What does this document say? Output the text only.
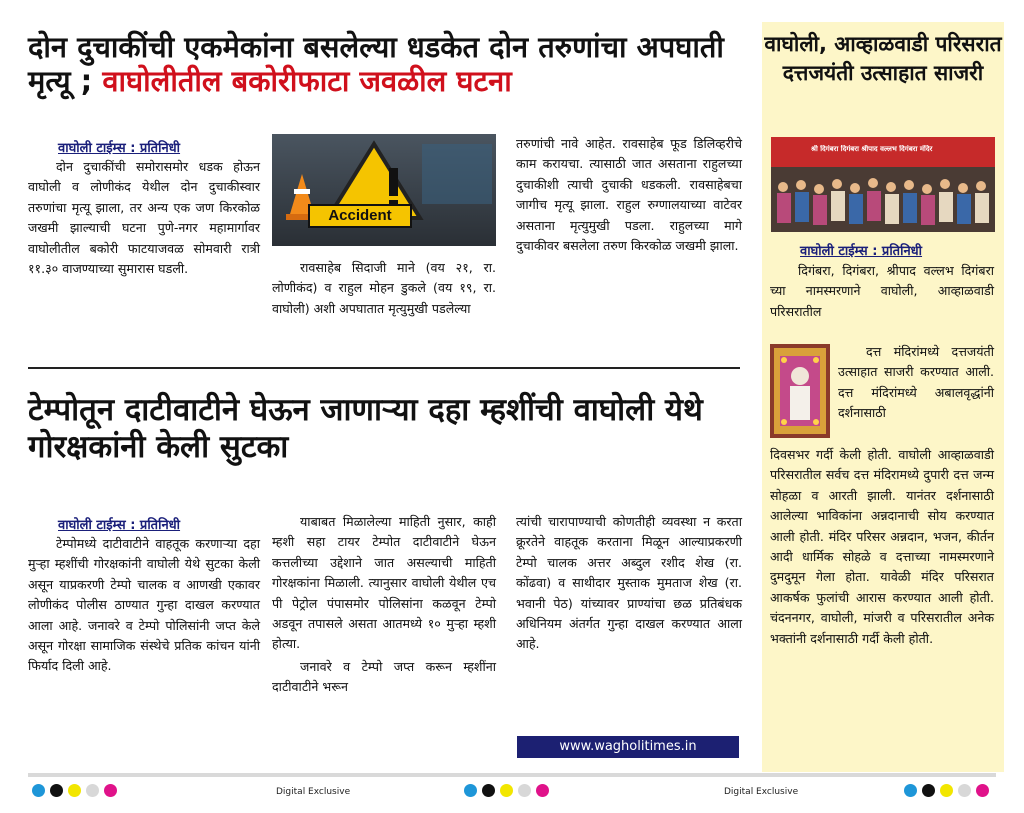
दोन दुचाकींची एकमेकांना बसलेल्या धडकेत दोन तरुणांचा अपघाती मृत्यू ; वाघोलीतील बकोरीफाटा जवळील घटना
वाघोली टाईम्स : प्रतिनिधी

दोन दुचाकींची समोरासमोर धडक होऊन वाघोली व लोणीकंद येथील दोन दुचाकीस्वार तरुणांचा मृत्यू झाला, तर अन्य एक जण किरकोळ जखमी झाल्याची घटना पुणे-नगर महामार्गावर वाघोलीतील बकोरी फाटयाजवळ सोमवारी रात्री ११.३० वाजण्याच्या सुमारास घडली.

Accident

रावसाहेब सिदाजी माने (वय २१, रा. लोणीकंद) व राहुल मोहन डुकले (वय १९, रा. वाघोली) अशी अपघातात मृत्युमुखी पडलेल्या

तरुणांची नावे आहेत. रावसाहेब फूड डिलिव्हरीचे काम करायचा. त्यासाठी जात असताना राहुलच्या दुचाकीशी त्याची दुचाकी धडकली. रावसाहेबचा जागीच मृत्यू झाला. राहुल रुग्णालयाच्या वाटेवर असताना मृत्युमुखी पडला. राहुलच्या मागे दुचाकीवर बसलेला तरुण किरकोळ जखमी झाला.

टेम्पोतून दाटीवाटीने घेऊन जाणाऱ्या दहा म्हशींची वाघोली येथे गोरक्षकांनी केली सुटका
वाघोली टाईम्स : प्रतिनिधी

टेम्पोमध्ये दाटीवाटीने वाहतूक करणाऱ्या दहा मुऱ्हा म्हशींची गोरक्षकांनी वाघोली येथे सुटका केली असून याप्रकरणी टेम्पो चालक व आणखी एकावर लोणीकंद पोलीस ठाण्यात गुन्हा दाखल करण्यात आला आहे. जनावरे व टेम्पो पोलिसांनी जप्त केले असून गोरक्षा सामाजिक संस्थेचे प्रतिक कांचन यांनी फिर्याद दिली आहे.

याबाबत मिळालेल्या माहिती नुसार, काही म्हशी सहा टायर टेम्पोत दाटीवाटीने घेऊन कत्तलीच्या उद्देशाने जात असल्याची माहिती गोरक्षकांना मिळाली. त्यानुसार वाघोली येथील एच पी पेट्रोल पंपासमोर पोलिसांना कळवून टेम्पो अडवून तपासले असता आतमध्ये १० मुऱ्हा म्हशी होत्या.

जनावरे व टेम्पो जप्त करून म्हशींना दाटीवाटीने भरून

त्यांची चारापाण्याची कोणतीही व्यवस्था न करता क्रूरतेने वाहतूक करताना मिळून आल्याप्रकरणी टेम्पो चालक अत्तर अब्दुल रशीद शेख (रा. कोंढवा) व साथीदार मुस्ताक मुमताज शेख (रा. भवानी पेठ) यांच्यावर प्राण्यांचा छळ प्रतिबंधक अधिनियम अंतर्गत गुन्हा दाखल करण्यात आला आहे.

www.wagholitimes.in
वाघोली, आव्हाळवाडी परिसरात दत्तजयंती उत्साहात साजरी
श्री दिगंबरा दिगंबरा श्रीपाद वल्लभ दिगंबरा मंदिर
वाघोली टाईम्स : प्रतिनिधी

दिगंबरा, दिगंबरा, श्रीपाद वल्लभ दिगंबरा च्या नामस्मरणाने वाघोली, आव्हाळवाडी परिसरातील

दत्त मंदिरांमध्ये दत्तजयंती उत्साहात साजरी करण्यात आली. दत्त मंदिरांमध्ये अबालवृद्धांनी दर्शनासाठी

दिवसभर गर्दी केली होती. वाघोली आव्हाळवाडी परिसरातील सर्वच दत्त मंदिरामध्ये दुपारी दत्त जन्म सोहळा व आरती झाली. यानंतर दर्शनासाठी आलेल्या भाविकांना अन्नदानाची सोय करण्यात आली होती. मंदिर परिसर अन्नदान, भजन, कीर्तन आदी धार्मिक सोहळे व दत्ताच्या नामस्मरणाने दुमदुमून गेला होता. यावेळी मंदिर परिसरात आकर्षक फुलांची आरास करण्यात आली होती. चंदननगर, वाघोली, मांजरी व परिसरातील अनेक भक्तांनी दर्शनासाठी गर्दी केली होती.

Digital Exclusive	Digital Exclusive
